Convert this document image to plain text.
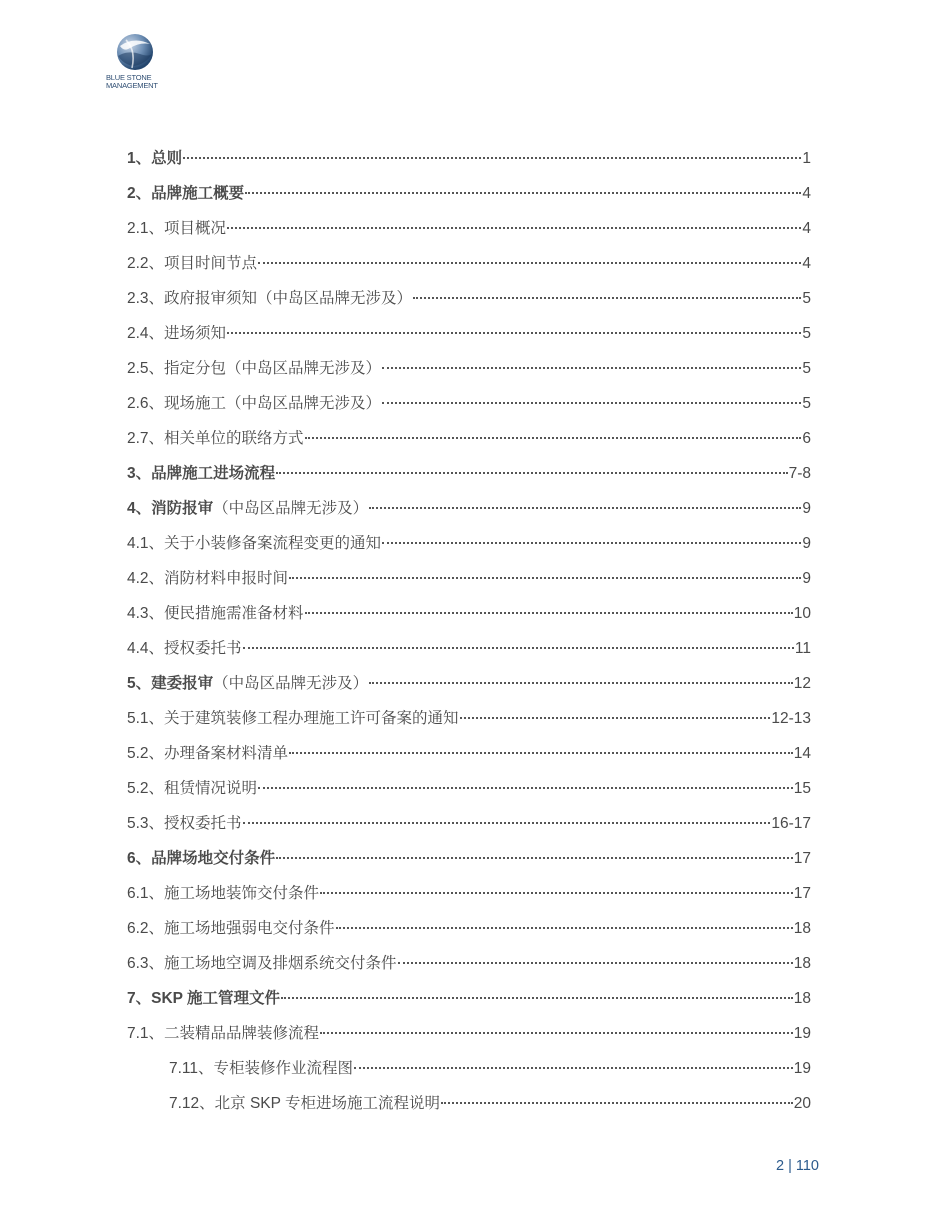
BLUE STONE
MANAGEMENT
1、总则	1
2、品牌施工概要	4
2.1、项目概况	4
2.2、项目时间节点	4
2.3、政府报审须知（中岛区品牌无涉及）	5
2.4、进场须知	5
2.5、指定分包（中岛区品牌无涉及）	5
2.6、现场施工（中岛区品牌无涉及）	5
2.7、相关单位的联络方式	6
3、品牌施工进场流程	7-8
4、消防报审（中岛区品牌无涉及）	9
4.1、关于小装修备案流程变更的通知	9
4.2、消防材料申报时间	9
4.3、便民措施需准备材料	10
4.4、授权委托书	11
5、建委报审（中岛区品牌无涉及）	12
5.1、关于建筑装修工程办理施工许可备案的通知	12-13
5.2、办理备案材料清单	14
5.2、租赁情况说明	15
5.3、授权委托书	16-17
6、品牌场地交付条件	17
6.1、施工场地装饰交付条件	17
6.2、施工场地强弱电交付条件	18
6.3、施工场地空调及排烟系统交付条件	18
7、SKP 施工管理文件	18
7.1、二装精品品牌装修流程	19
7.11、专柜装修作业流程图	19
7.12、北京 SKP 专柜进场施工流程说明	20
2 | 110
